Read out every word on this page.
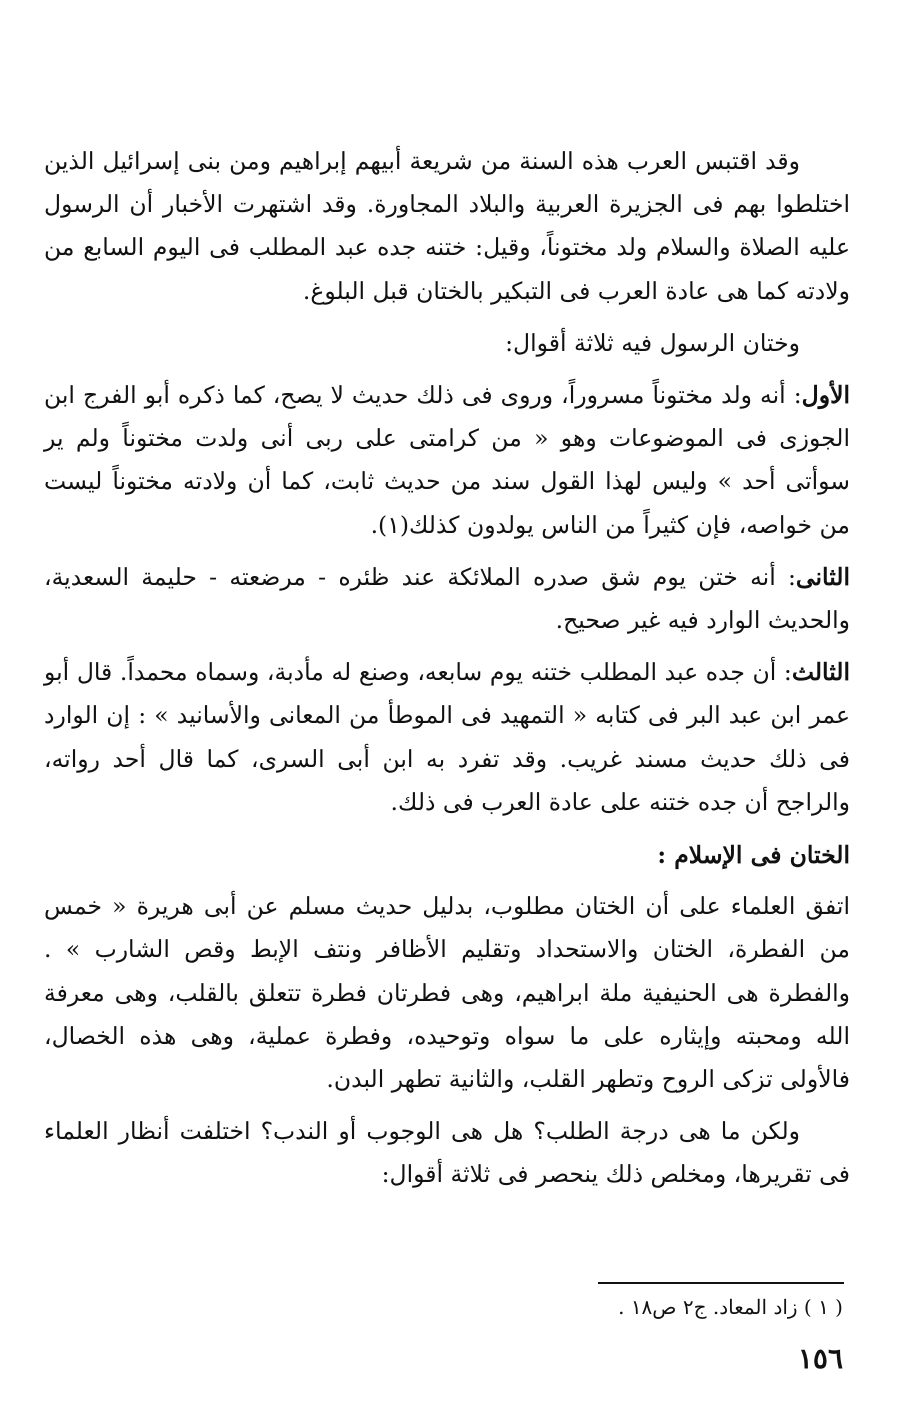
وقد اقتبس العرب هذه السنة من شريعة أبيهم إبراهيم ومن بنى إسرائيل الذين اختلطوا بهم فى الجزيرة العربية والبلاد المجاورة. وقد اشتهرت الأخبار أن الرسول عليه الصلاة والسلام ولد مختوناً، وقيل: ختنه جده عبد المطلب فى اليوم السابع من ولادته كما هى عادة العرب فى التبكير بالختان قبل البلوغ.

وختان الرسول فيه ثلاثة أقوال:

الأول: أنه ولد مختوناً مسروراً، وروى فى ذلك حديث لا يصح، كما ذكره أبو الفرج ابن الجوزى فى الموضوعات وهو « من كرامتى على ربى أنى ولدت مختوناً ولم ير سوأتى أحد » وليس لهذا القول سند من حديث ثابت، كما أن ولادته مختوناً ليست من خواصه، فإن كثيراً من الناس يولدون كذلك(١).

الثانى: أنه ختن يوم شق صدره الملائكة عند ظئره - مرضعته - حليمة السعدية، والحديث الوارد فيه غير صحيح.

الثالث: أن جده عبد المطلب ختنه يوم سابعه، وصنع له مأدبة، وسماه محمداً. قال أبو عمر ابن عبد البر فى كتابه « التمهيد فى الموطأ من المعانى والأسانيد » : إن الوارد فى ذلك حديث مسند غريب. وقد تفرد به ابن أبى السرى، كما قال أحد رواته، والراجح أن جده ختنه على عادة العرب فى ذلك.

الختان فى الإسلام :

اتفق العلماء على أن الختان مطلوب، بدليل حديث مسلم عن أبى هريرة « خمس من الفطرة، الختان والاستحداد وتقليم الأظافر ونتف الإبط وقص الشارب » . والفطرة هى الحنيفية ملة ابراهيم، وهى فطرتان فطرة تتعلق بالقلب، وهى معرفة الله ومحبته وإيثاره على ما سواه وتوحيده، وفطرة عملية، وهى هذه الخصال، فالأولى تزكى الروح وتطهر القلب، والثانية تطهر البدن.

ولكن ما هى درجة الطلب؟ هل هى الوجوب أو الندب؟ اختلفت أنظار العلماء فى تقريرها، ومخلص ذلك ينحصر فى ثلاثة أقوال:

( ١ ) زاد المعاد. ج٢ ص١٨ .
١٥٦
